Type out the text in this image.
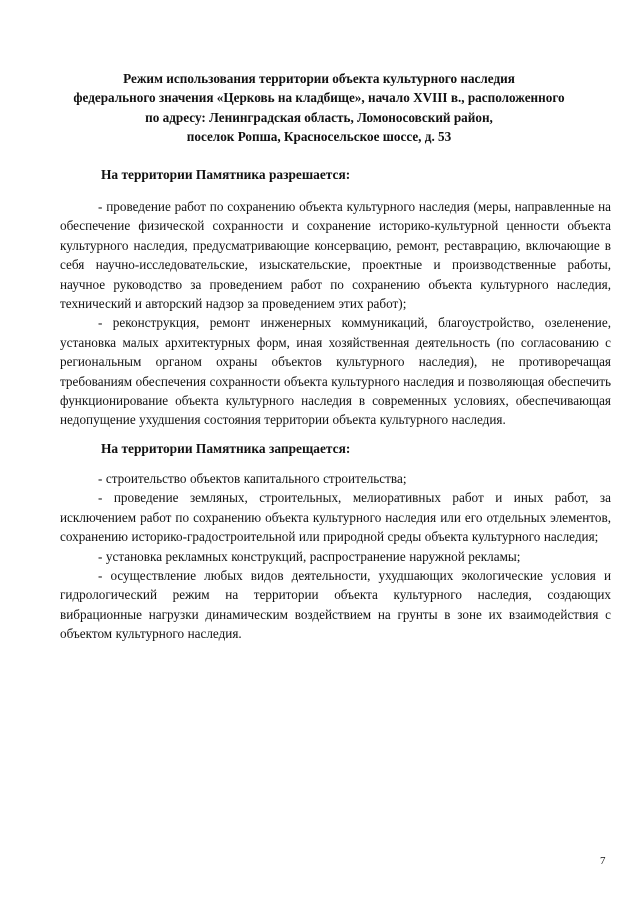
Режим использования территории объекта культурного наследия
федерального значения «Церковь на кладбище», начало XVIII в., расположенного
по адресу: Ленинградская область, Ломоносовский район,
поселок Ропша, Красносельское шоссе, д. 53
На территории Памятника разрешается:

- проведение работ по сохранению объекта культурного наследия (меры, направленные на обеспечение физической сохранности и сохранение историко-культурной ценности объекта культурного наследия, предусматривающие консервацию, ремонт, реставрацию, включающие в себя научно-исследовательские, изыскательские, проектные и производственные работы, научное руководство за проведением работ по сохранению объекта культурного наследия, технический и авторский надзор за проведением этих работ);

- реконструкция, ремонт инженерных коммуникаций, благоустройство, озеленение, установка малых архитектурных форм, иная хозяйственная деятельность (по согласованию с региональным органом охраны объектов культурного наследия), не противоречащая требованиям обеспечения сохранности объекта культурного наследия и позволяющая обеспечить функционирование объекта культурного наследия в современных условиях, обеспечивающая недопущение ухудшения состояния территории объекта культурного наследия.

На территории Памятника запрещается:

- строительство объектов капитального строительства;

- проведение земляных, строительных, мелиоративных работ и иных работ, за исключением работ по сохранению объекта культурного наследия или его отдельных элементов, сохранению историко-градостроительной или природной среды объекта культурного наследия;

- установка рекламных конструкций, распространение наружной рекламы;

- осуществление любых видов деятельности, ухудшающих экологические условия и гидрологический режим на территории объекта культурного наследия, создающих вибрационные нагрузки динамическим воздействием на грунты в зоне их взаимодействия с объектом культурного наследия.

7
